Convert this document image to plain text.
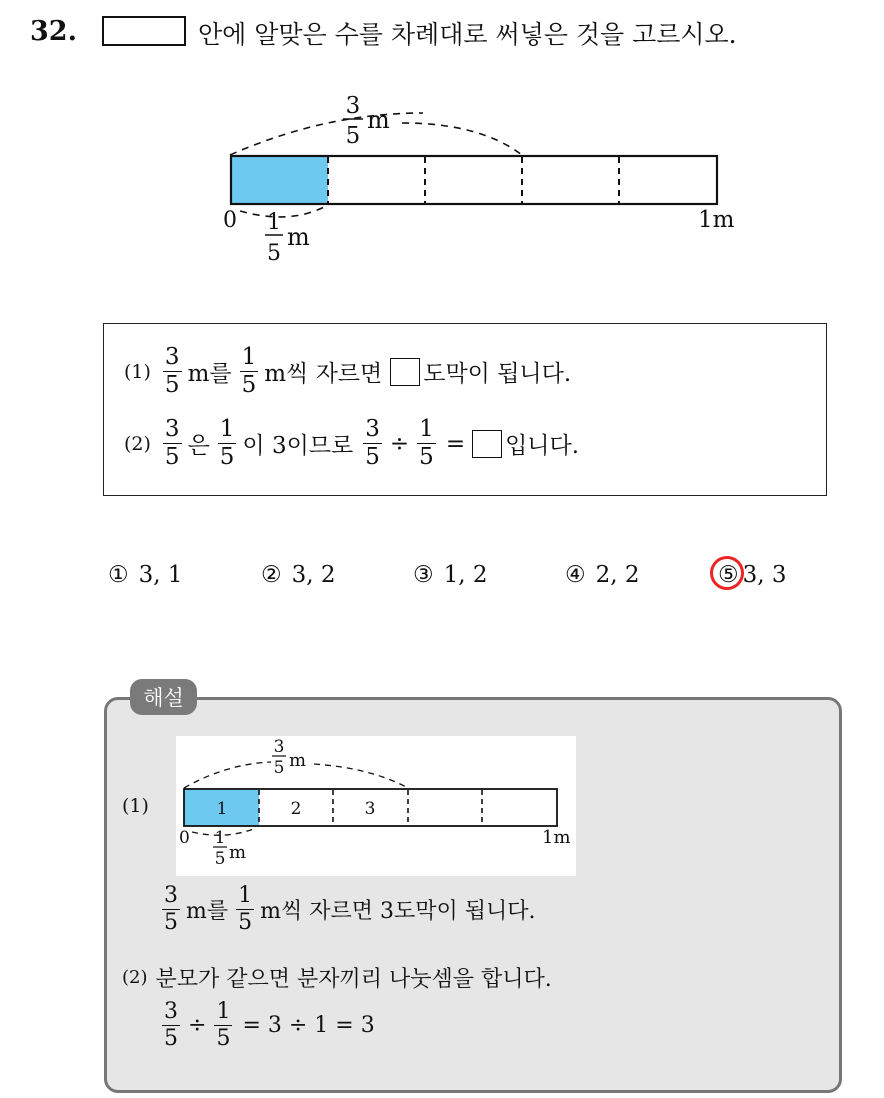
32.	안에 알맞은 수를 차례대로 써넣은 것을 고르시오.
3
5
m
0	1m
1
5
m
$(1) \frac{3}{5}$ m를 $\frac{1}{5}$ m씩 자르면 도막이 됩니다.
$(2) \frac{3}{5}$ 은 $\frac{1}{5}$ 이 3이므로 $\frac{3}{5} \div \frac{1}{5}$ = 입니다.
① 3, 1	② 3, 2	③ 1, 2	④ 2, 2	⑤ 3, 3
해설
(1)
3
5 m
1	2	3
0	1m
1
5 m
$\frac{3}{5}$ m를 $\frac{1}{5}$ m씩 자르면 3도막이 됩니다.
(2) 분모가 같으면 분자끼리 나눗셈을 합니다.
$\frac{3}{5} \div \frac{1}{5} = 3 \div 1 = 3$
